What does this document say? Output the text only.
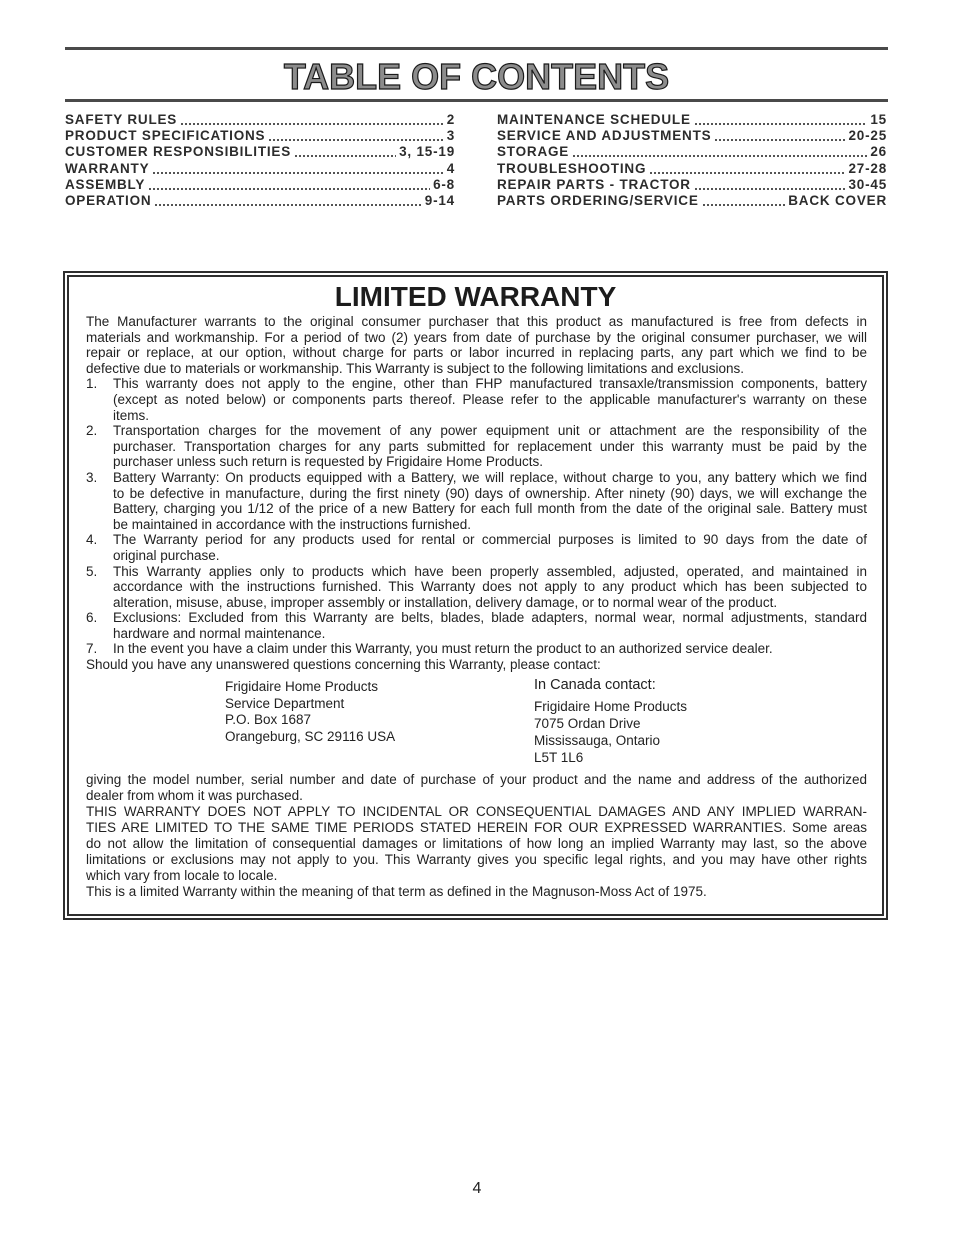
TABLE OF CONTENTS
SAFETY RULES	2
PRODUCT SPECIFICATIONS	3
CUSTOMER RESPONSIBILITIES	3, 15-19
WARRANTY	4
ASSEMBLY	6-8
OPERATION	9-14
MAINTENANCE SCHEDULE	15
SERVICE AND ADJUSTMENTS	20-25
STORAGE	26
TROUBLESHOOTING	27-28
REPAIR PARTS - TRACTOR	30-45
PARTS ORDERING/SERVICE	BACK COVER
LIMITED WARRANTY
The Manufacturer warrants to the original consumer purchaser that this product as manufactured is free from defects in
materials and workmanship. For a period of two (2) years from date of purchase by the original consumer purchaser, we will
repair or replace, at our option, without charge for parts or labor incurred in replacing parts, any part which we find to be
defective due to materials or workmanship. This Warranty is subject to the following limitations and exclusions.
1. This warranty does not apply to the engine, other than FHP manufactured transaxle/transmission components, battery
(except as noted below) or components parts thereof. Please refer to the applicable manufacturer's warranty on these
items.
2. Transportation charges for the movement of any power equipment unit or attachment are the responsibility of the
purchaser. Transportation charges for any parts submitted for replacement under this warranty must be paid by the
purchaser unless such return is requested by Frigidaire Home Products.
3. Battery Warranty: On products equipped with a Battery, we will replace, without charge to you, any battery which we find
to be defective in manufacture, during the first ninety (90) days of ownership. After ninety (90) days, we will exchange the
Battery, charging you 1/12 of the price of a new Battery for each full month from the date of the original sale. Battery must
be maintained in accordance with the instructions furnished.
4. The Warranty period for any products used for rental or commercial purposes is limited to 90 days from the date of
original purchase.
5. This Warranty applies only to products which have been properly assembled, adjusted, operated, and maintained in
accordance with the instructions furnished. This Warranty does not apply to any product which has been subjected to
alteration, misuse, abuse, improper assembly or installation, delivery damage, or to normal wear of the product.
6. Exclusions: Excluded from this Warranty are belts, blades, blade adapters, normal wear, normal adjustments, standard
hardware and normal maintenance.
7. In the event you have a claim under this Warranty, you must return the product to an authorized service dealer.
Should you have any unanswered questions concerning this Warranty, please contact:
Frigidaire Home Products
Service Department
P.O. Box 1687
Orangeburg, SC 29116 USA
In Canada contact:
Frigidaire Home Products
7075 Ordan Drive
Mississauga, Ontario
L5T 1L6
giving the model number, serial number and date of purchase of your product and the name and address of the authorized
dealer from whom it was purchased.
THIS WARRANTY DOES NOT APPLY TO INCIDENTAL OR CONSEQUENTIAL DAMAGES AND ANY IMPLIED WARRAN-
TIES ARE LIMITED TO THE SAME TIME PERIODS STATED HEREIN FOR OUR EXPRESSED WARRANTIES. Some areas
do not allow the limitation of consequential damages or limitations of how long an implied Warranty may last, so the above
limitations or exclusions may not apply to you. This Warranty gives you specific legal rights, and you may have other rights
which vary from locale to locale.
This is a limited Warranty within the meaning of that term as defined in the Magnuson-Moss Act of 1975.
4
